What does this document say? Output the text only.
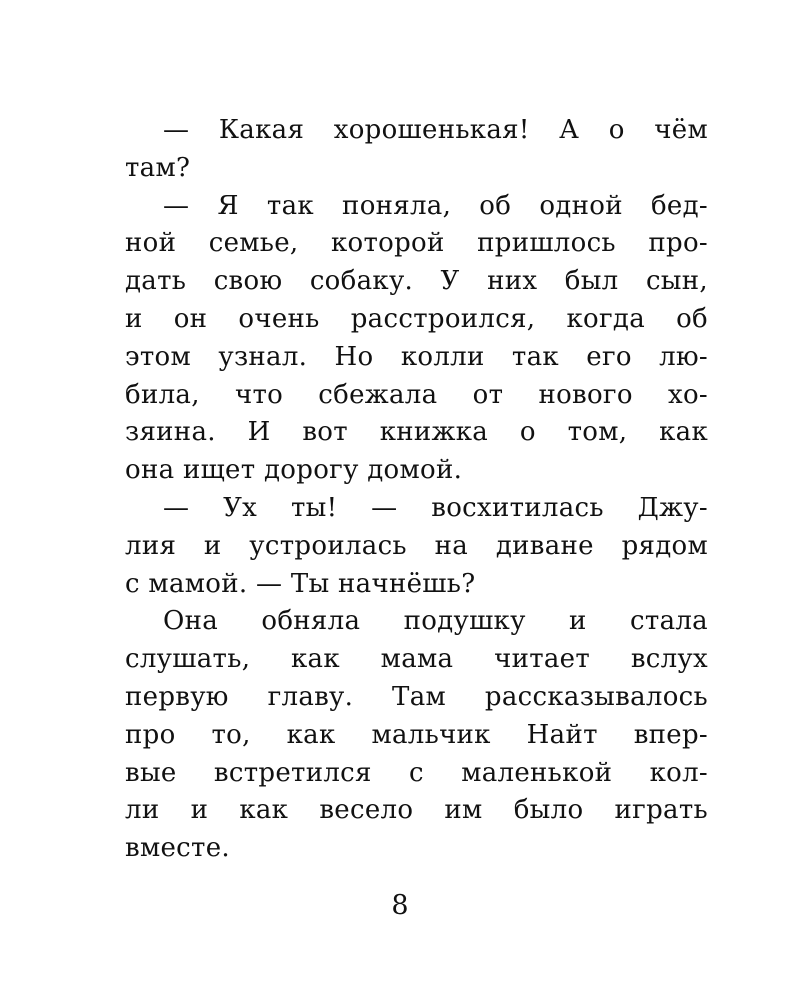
— Какая хорошенькая! А о чём
там?
— Я так поняла, об одной бед-
ной семье, которой пришлось про-
дать свою собаку. У них был сын,
и он очень расстроился, когда об
этом узнал. Но колли так его лю-
била, что сбежала от нового хо-
зяина. И вот книжка о том, как
она ищет дорогу домой.
— Ух ты! — восхитилась Джу-
лия и устроилась на диване рядом
с мамой. — Ты начнёшь?
Она обняла подушку и стала
слушать, как мама читает вслух
первую главу. Там рассказывалось
про то, как мальчик Найт впер-
вые встретился с маленькой кол-
ли и как весело им было играть
вместе.
8
